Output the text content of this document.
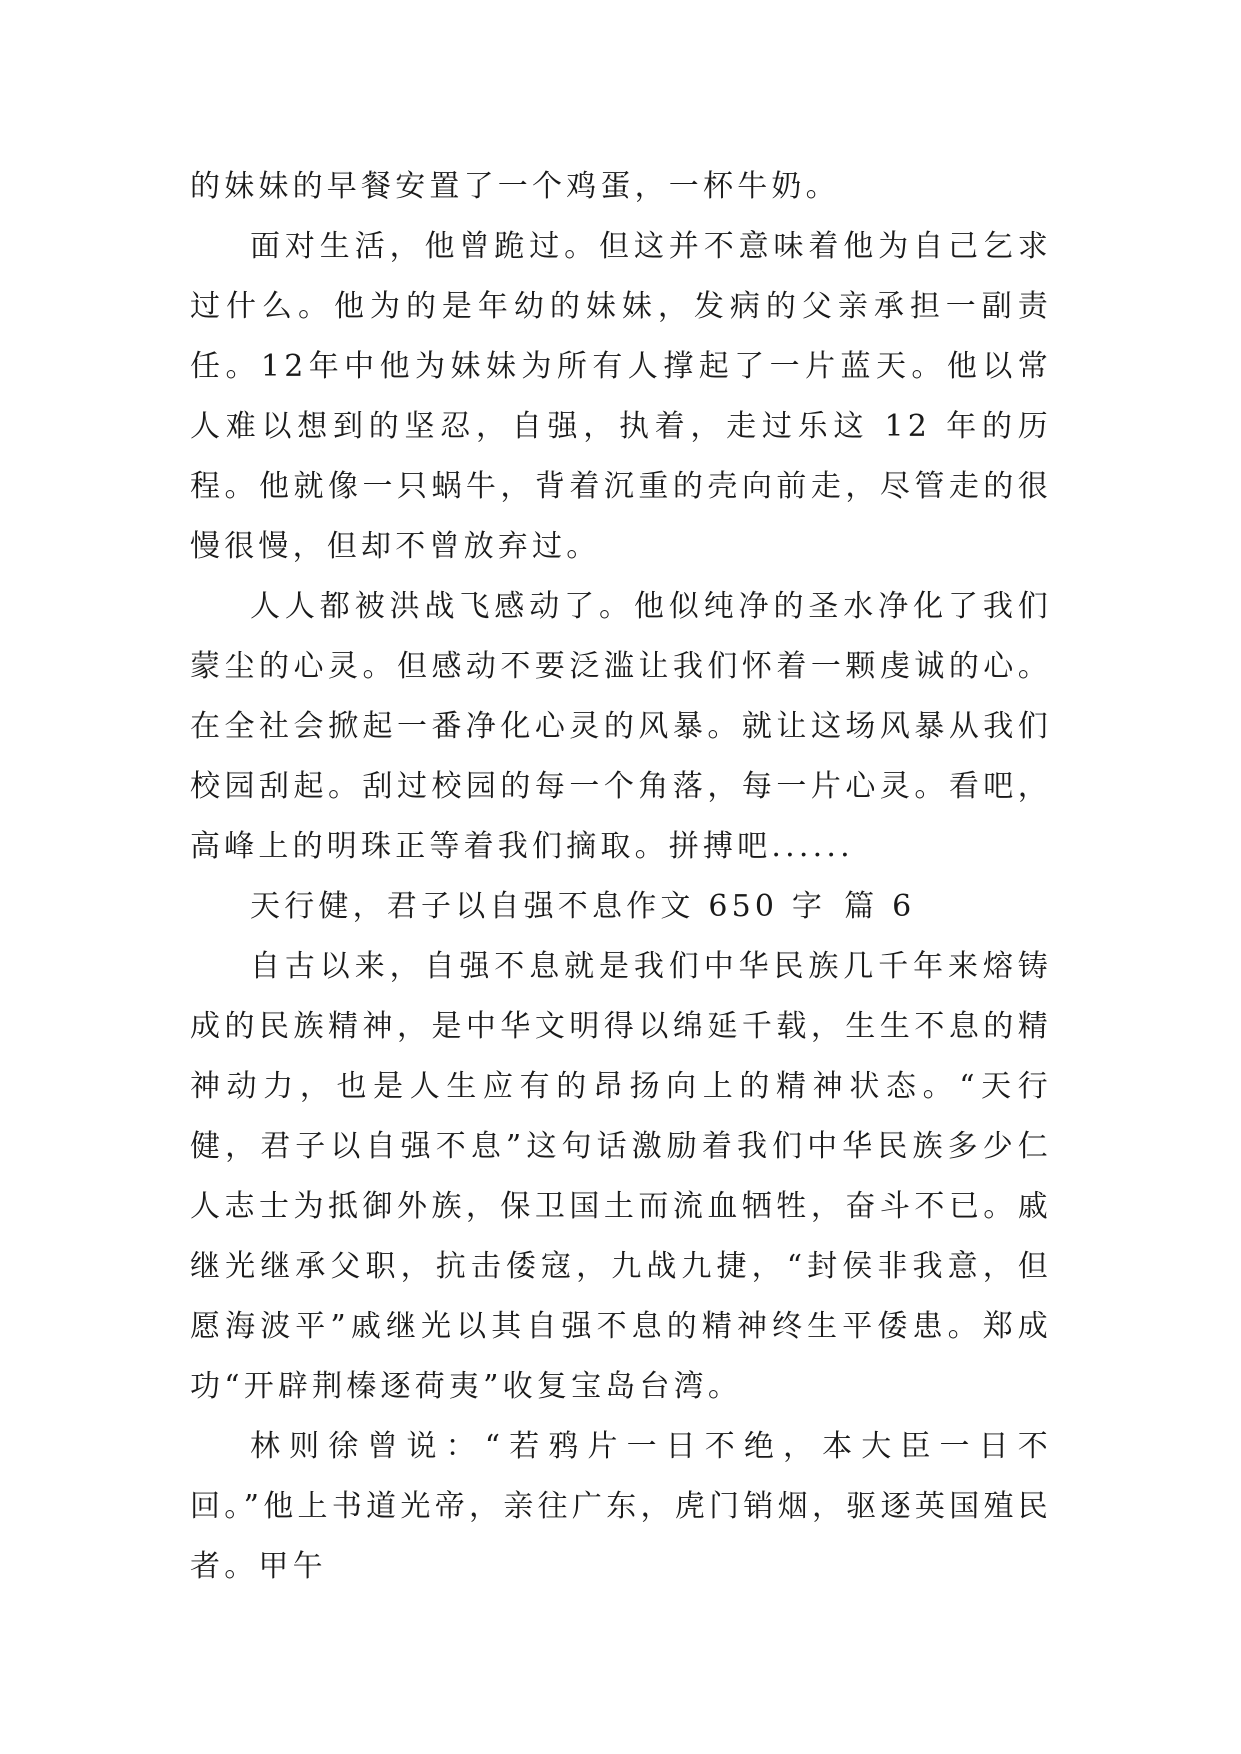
的妹妹的早餐安置了一个鸡蛋，一杯牛奶。

面对生活，他曾跪过。但这并不意味着他为自己乞求过什么。他为的是年幼的妹妹，发病的父亲承担一副责任。12年中他为妹妹为所有人撑起了一片蓝天。他以常人难以想到的坚忍，自强，执着，走过乐这 12 年的历程。他就像一只蜗牛，背着沉重的壳向前走，尽管走的很慢很慢，但却不曾放弃过。

人人都被洪战飞感动了。他似纯净的圣水净化了我们蒙尘的心灵。但感动不要泛滥让我们怀着一颗虔诚的心。在全社会掀起一番净化心灵的风暴。就让这场风暴从我们校园刮起。刮过校园的每一个角落，每一片心灵。看吧，高峰上的明珠正等着我们摘取。拼搏吧......

天行健，君子以自强不息作文 650 字 篇 6

自古以来，自强不息就是我们中华民族几千年来熔铸成的民族精神，是中华文明得以绵延千载，生生不息的精神动力，也是人生应有的昂扬向上的精神状态。“天行健，君子以自强不息”这句话激励着我们中华民族多少仁人志士为抵御外族，保卫国土而流血牺牲，奋斗不已。戚继光继承父职，抗击倭寇，九战九捷，“封侯非我意，但愿海波平”戚继光以其自强不息的精神终生平倭患。郑成功“开辟荆榛逐荷夷”收复宝岛台湾。

林则徐曾说：“若鸦片一日不绝，本大臣一日不回。”他上书道光帝，亲往广东，虎门销烟，驱逐英国殖民者。甲午
